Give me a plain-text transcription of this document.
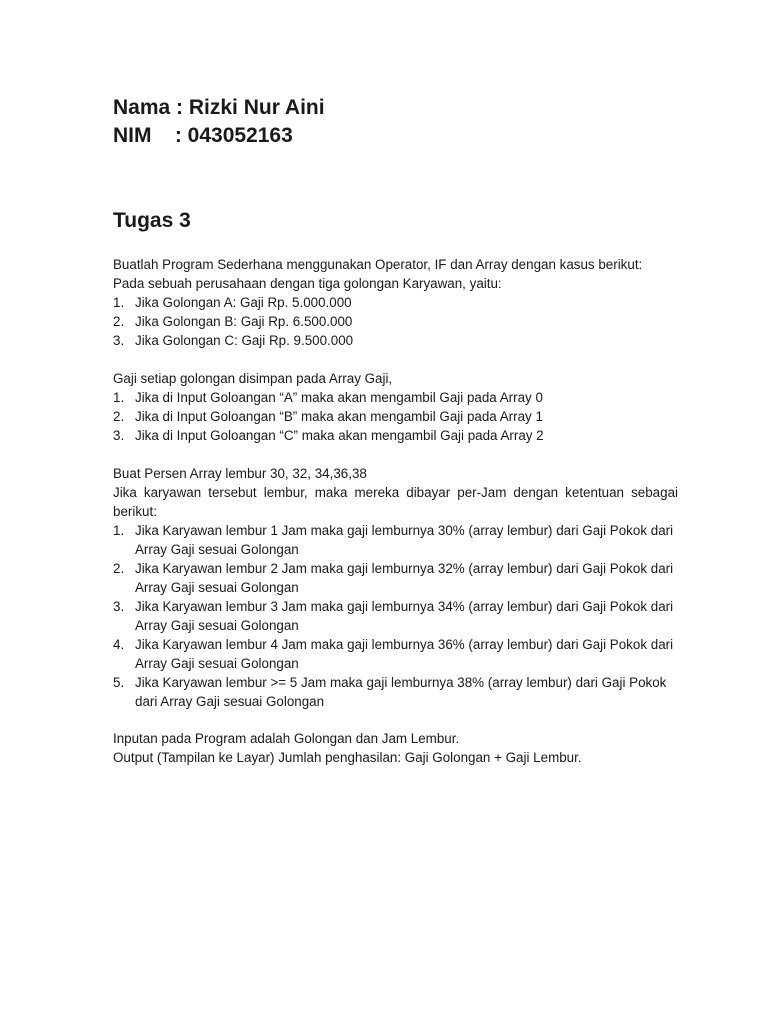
Nama : Rizki Nur Aini
NIM    : 043052163
Tugas 3

Buatlah Program Sederhana menggunakan Operator, IF dan Array dengan kasus berikut:

Pada sebuah perusahaan dengan tiga golongan Karyawan, yaitu:

1. Jika Golongan A: Gaji Rp. 5.000.000
2. Jika Golongan B: Gaji Rp. 6.500.000
3. Jika Golongan C: Gaji Rp. 9.500.000

Gaji setiap golongan disimpan pada Array Gaji,

1. Jika di Input Goloangan “A” maka akan mengambil Gaji pada Array 0
2. Jika di Input Goloangan “B” maka akan mengambil Gaji pada Array 1
3. Jika di Input Goloangan “C” maka akan mengambil Gaji pada Array 2

Buat Persen Array lembur 30, 32, 34,36,38

Jika karyawan tersebut lembur, maka mereka dibayar per-Jam dengan ketentuan sebagai berikut:

1. Jika Karyawan lembur 1 Jam maka gaji lemburnya 30% (array lembur) dari Gaji Pokok dari Array Gaji sesuai Golongan
2. Jika Karyawan lembur 2 Jam maka gaji lemburnya 32% (array lembur) dari Gaji Pokok dari Array Gaji sesuai Golongan
3. Jika Karyawan lembur 3 Jam maka gaji lemburnya 34% (array lembur) dari Gaji Pokok dari Array Gaji sesuai Golongan
4. Jika Karyawan lembur 4 Jam maka gaji lemburnya 36% (array lembur) dari Gaji Pokok dari Array Gaji sesuai Golongan
5. Jika Karyawan lembur >= 5 Jam maka gaji lemburnya 38% (array lembur) dari Gaji Pokok dari Array Gaji sesuai Golongan

Inputan pada Program adalah Golongan dan Jam Lembur.

Output (Tampilan ke Layar) Jumlah penghasilan: Gaji Golongan + Gaji Lembur.
